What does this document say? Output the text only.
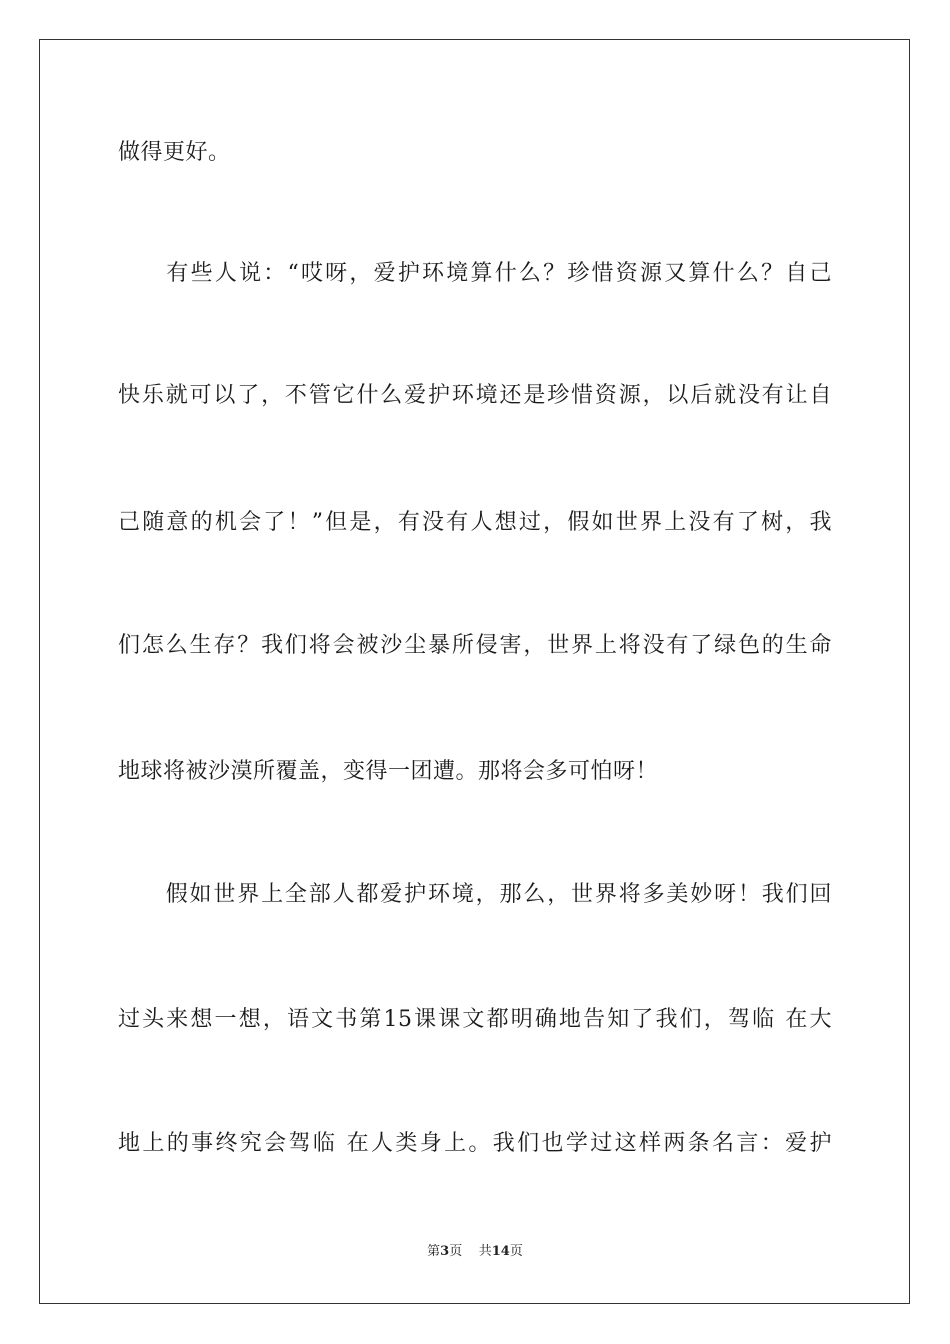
做得更好。
　　有些人说：“哎呀，爱护环境算什么？珍惜资源又算什么？自己
快乐就可以了，不管它什么爱护环境还是珍惜资源，以后就没有让自
己随意的机会了！”但是，有没有人想过，假如世界上没有了树，我
们怎么生存？我们将会被沙尘暴所侵害，世界上将没有了绿色的生命
地球将被沙漠所覆盖，变得一团遭。那将会多可怕呀！
　　假如世界上全部人都爱护环境，那么，世界将多美妙呀！我们回
过头来想一想，语文书第15课课文都明确地告知了我们，驾临 在大
地上的事终究会驾临 在人类身上。我们也学过这样两条名言：爱护
第3页 共14页
